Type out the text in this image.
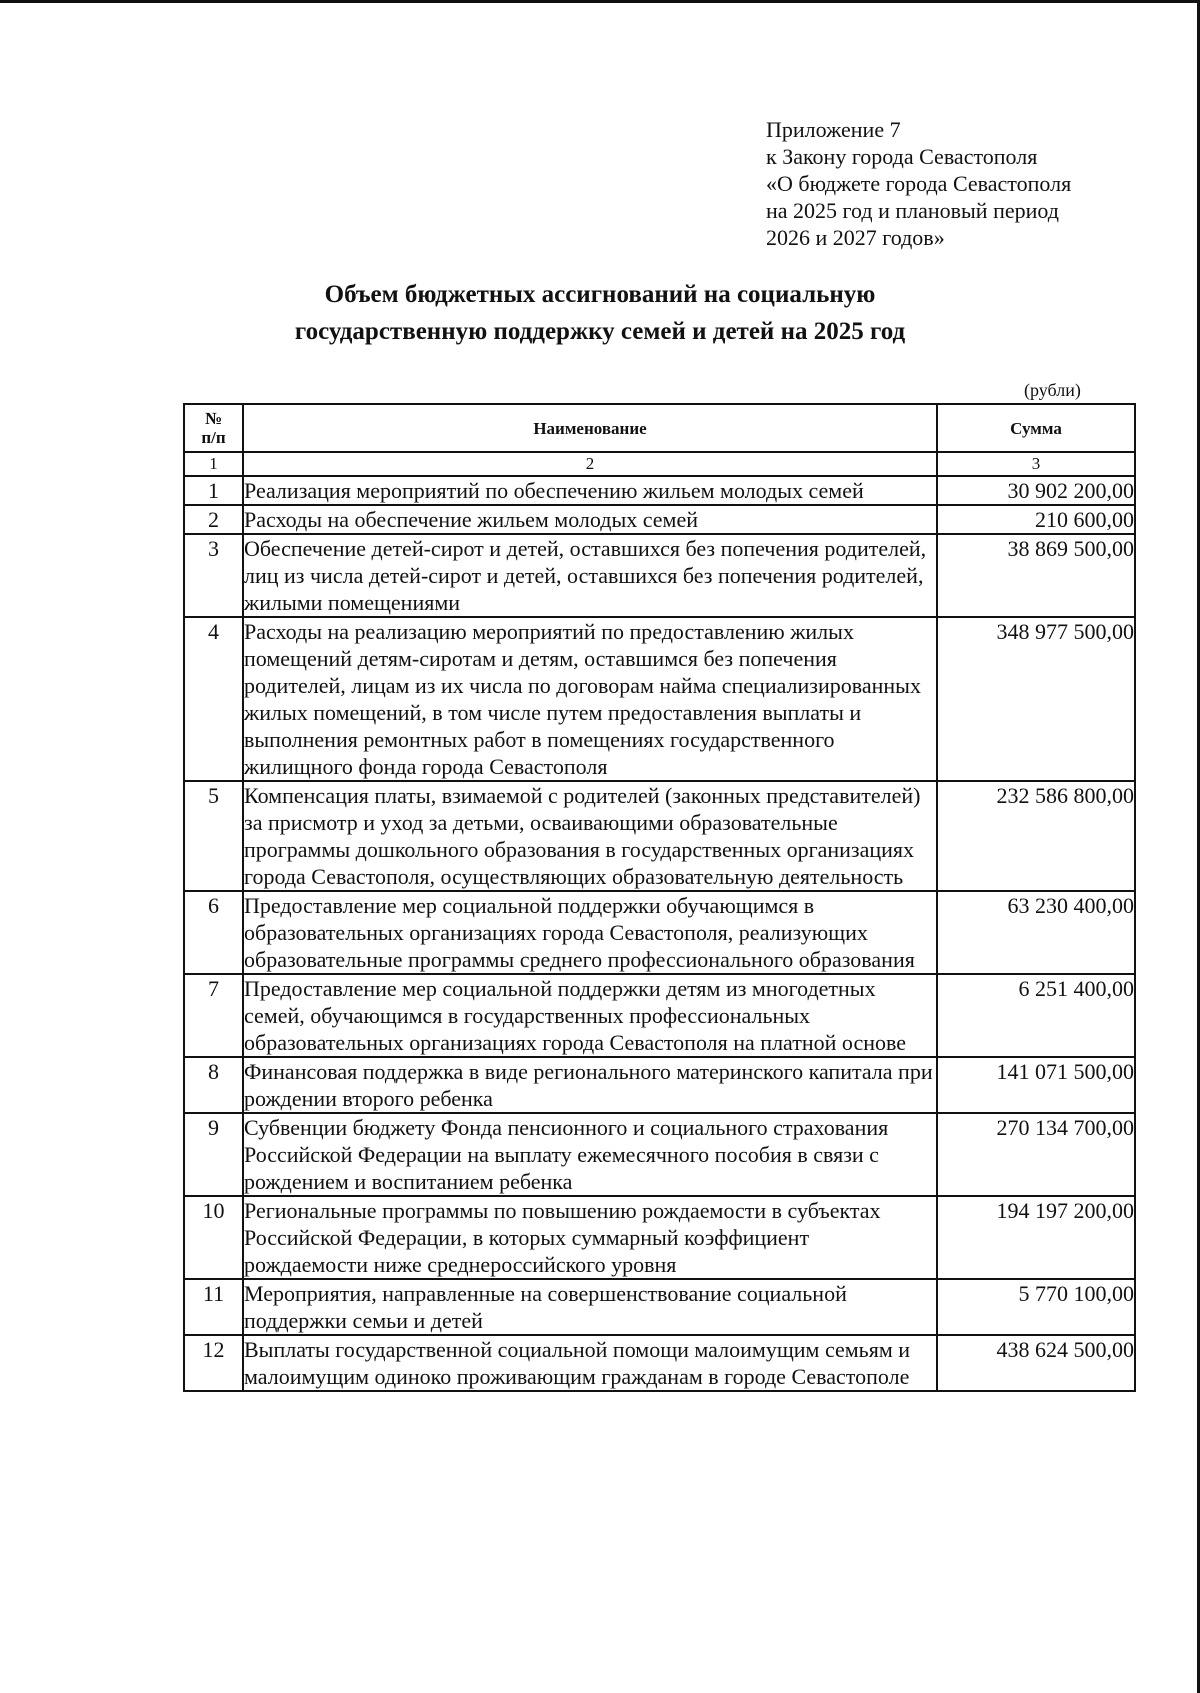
Приложение 7
к Закону города Севастополя
«О бюджете города Севастополя
на 2025 год и плановый период
2026 и 2027 годов»
Объем бюджетных ассигнований на социальную
государственную поддержку семей и детей на 2025 год
(рубли)
№
п/п	Наименование	Сумма
1	2	3
1	Реализация мероприятий по обеспечению жильем молодых семей	30 902 200,00
2	Расходы на обеспечение жильем молодых семей	210 600,00
3	Обеспечение детей-сирот и детей, оставшихся без попечения родителей, лиц из числа детей-сирот и детей, оставшихся без попечения родителей, жилыми помещениями	38 869 500,00
4	Расходы на реализацию мероприятий по предоставлению жилых помещений детям-сиротам и детям, оставшимся без попечения родителей, лицам из их числа по договорам найма специализированных жилых помещений, в том числе путем предоставления выплаты и выполнения ремонтных работ в помещениях государственного жилищного фонда города Севастополя	348 977 500,00
5	Компенсация платы, взимаемой с родителей (законных представителей) за присмотр и уход за детьми, осваивающими образовательные программы дошкольного образования в государственных организациях города Севастополя, осуществляющих образовательную деятельность	232 586 800,00
6	Предоставление мер социальной поддержки обучающимся в образовательных организациях города Севастополя, реализующих образовательные программы среднего профессионального образования	63 230 400,00
7	Предоставление мер социальной поддержки детям из многодетных семей, обучающимся в государственных профессиональных образовательных организациях города Севастополя на платной основе	6 251 400,00
8	Финансовая поддержка в виде регионального материнского капитала при рождении второго ребенка	141 071 500,00
9	Субвенции бюджету Фонда пенсионного и социального страхования Российской Федерации на выплату ежемесячного пособия в связи с рождением и воспитанием ребенка	270 134 700,00
10	Региональные программы по повышению рождаемости в субъектах Российской Федерации, в которых суммарный коэффициент рождаемости ниже среднероссийского уровня	194 197 200,00
11	Мероприятия, направленные на совершенствование социальной поддержки семьи и детей	5 770 100,00
12	Выплаты государственной социальной помощи малоимущим семьям и малоимущим одиноко проживающим гражданам в городе Севастополе	438 624 500,00
